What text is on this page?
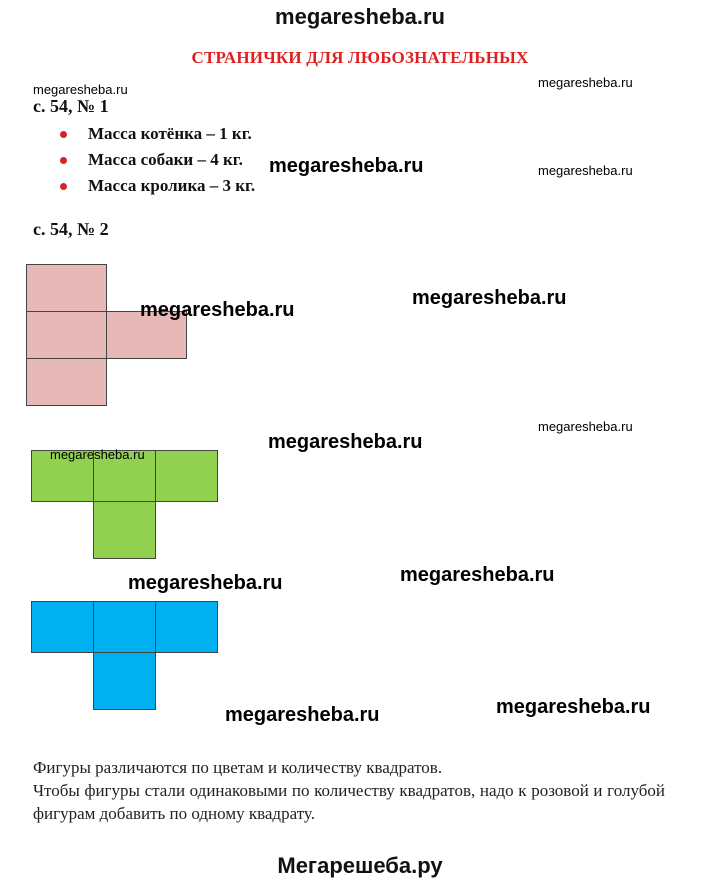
megaresheba.ru
СТРАНИЧКИ ДЛЯ ЛЮБОЗНАТЕЛЬНЫХ
с. 54, № 1
Масса котёнка – 1 кг.
Масса собаки – 4 кг.
Масса кролика – 3 кг.
с. 54, № 2

Фигуры различаются по цветам и количеству квадратов.

Чтобы фигуры стали одинаковыми по количеству квадратов, надо к розовой и голубой фигурам добавить по одному квадрату.

megaresheba.ru	megaresheba.ru
megaresheba.ru
megaresheba.ru
megaresheba.ru
megaresheba.ru
megaresheba.ru
megaresheba.ru
megaresheba.ru
megaresheba.ru	megaresheba.ru
megaresheba.ru	megaresheba.ru
Мегарешеба.ру
